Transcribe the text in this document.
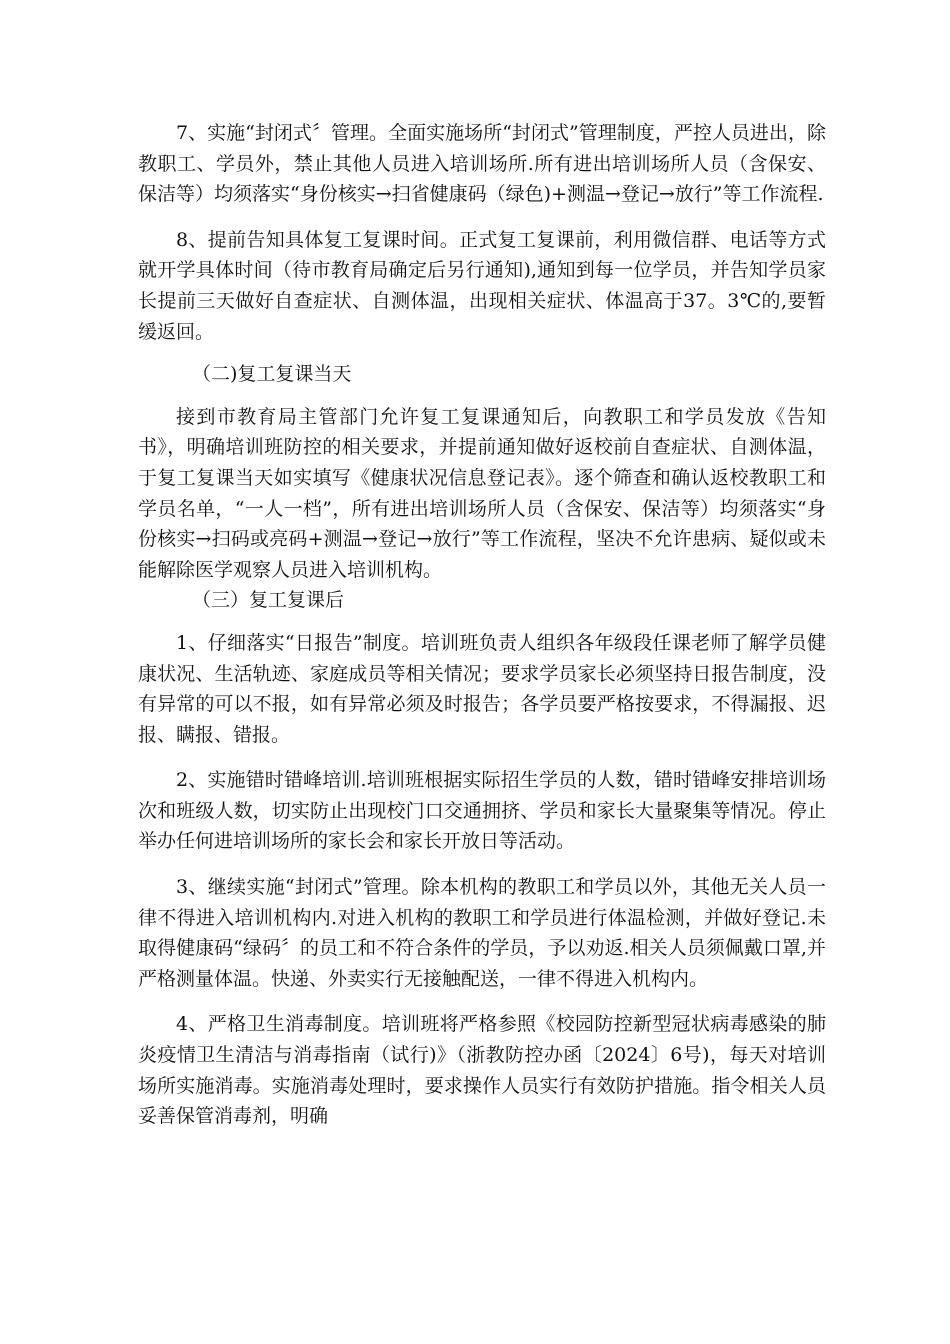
7、实施“封闭式〞管理。全面实施场所“封闭式”管理制度，严控人员进出，除教职工、学员外，禁止其他人员进入培训场所.所有进出培训场所人员（含保安、保洁等）均须落实“身份核实→扫省健康码（绿色)+测温→登记→放行”等工作流程.

8、提前告知具体复工复课时间。正式复工复课前，利用微信群、电话等方式就开学具体时间（待市教育局确定后另行通知),通知到每一位学员，并告知学员家长提前三天做好自查症状、自测体温，出现相关症状、体温高于37。3℃的,要暂缓返回。

（二)复工复课当天

接到市教育局主管部门允许复工复课通知后，向教职工和学员发放《告知书》，明确培训班防控的相关要求，并提前通知做好返校前自查症状、自测体温，于复工复课当天如实填写《健康状况信息登记表》。逐个筛查和确认返校教职工和学员名单，“一人一档”，所有进出培训场所人员（含保安、保洁等）均须落实“身份核实→扫码或亮码+测温→登记→放行”等工作流程，坚决不允许患病、疑似或未能解除医学观察人员进入培训机构。

（三）复工复课后

1、仔细落实“日报告”制度。培训班负责人组织各年级段任课老师了解学员健康状况、生活轨迹、家庭成员等相关情况；要求学员家长必须坚持日报告制度，没有异常的可以不报，如有异常必须及时报告；各学员要严格按要求，不得漏报、迟报、瞒报、错报。

2、实施错时错峰培训.培训班根据实际招生学员的人数，错时错峰安排培训场次和班级人数，切实防止出现校门口交通拥挤、学员和家长大量聚集等情况。停止举办任何进培训场所的家长会和家长开放日等活动。

3、继续实施“封闭式”管理。除本机构的教职工和学员以外，其他无关人员一律不得进入培训机构内.对进入机构的教职工和学员进行体温检测，并做好登记.未取得健康码“绿码〞的员工和不符合条件的学员，予以劝返.相关人员须佩戴口罩,并严格测量体温。快递、外卖实行无接触配送，一律不得进入机构内。

4、严格卫生消毒制度。培训班将严格参照《校园防控新型冠状病毒感染的肺炎疫情卫生清洁与消毒指南（试行)》（浙教防控办函〔2024〕6号)，每天对培训场所实施消毒。实施消毒处理时，要求操作人员实行有效防护措施。指令相关人员妥善保管消毒剂，明确
